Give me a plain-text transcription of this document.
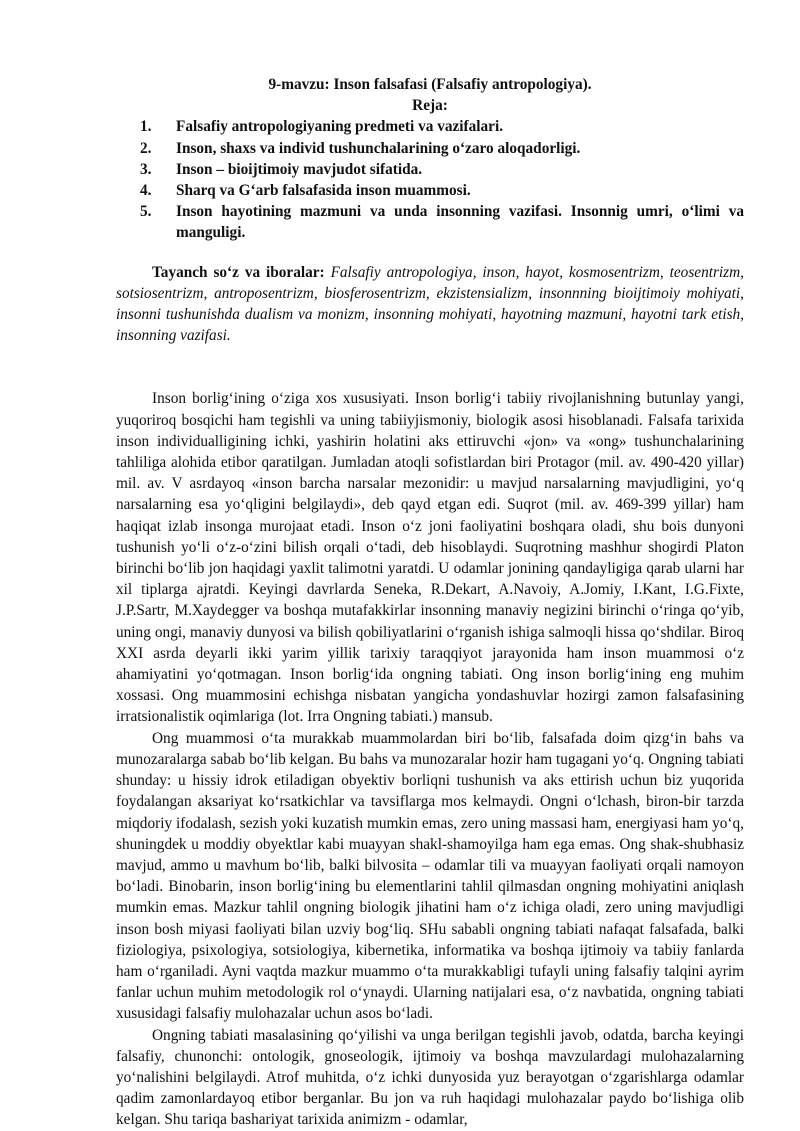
9-mavzu: Inson falsafasi (Falsafiy antropologiya).

Reja:

1.	Falsafiy antropologiyaning predmeti va vazifalari.
2.	Inson, shaxs va individ tushunchalarining o‘zaro aloqadorligi.
3.	Inson – bioijtimoiy mavjudot sifatida.
4.	Sharq va G‘arb falsafasida inson muammosi.
5.	Inson hayotining mazmuni va unda insonning vazifasi. Insonnig umri, o‘limi va manguligi.

Tayanch so‘z va iboralar: Falsafiy antropologiya, inson, hayot, kosmosentrizm, teosentrizm, sotsiosentrizm, antroposentrizm, biosferosentrizm, ekzistensializm, insonnning bioijtimoiy mohiyati, insonni tushunishda dualism va monizm, insonning mohiyati, hayotning mazmuni, hayotni tark etish, insonning vazifasi.

Inson borlig‘ining o‘ziga xos xususiyati. Inson borlig‘i tabiiy rivojlanishning butunlay yangi, yuqoriroq bosqichi ham tegishli va uning tabiiyjismoniy, biologik asosi hisoblanadi. Falsafa tarixida inson individualligining ichki, yashirin holatini aks ettiruvchi «jon» va «ong» tushunchalarining tahliliga alohida etibor qaratilgan. Jumladan atoqli sofistlardan biri Protagor (mil. av. 490-420 yillar) mil. av. V asrdayoq «inson barcha narsalar mezonidir: u mavjud narsalarning mavjudligini, yo‘q narsalarning esa yo‘qligini belgilaydi», deb qayd etgan edi. Suqrot (mil. av. 469-399 yillar) ham haqiqat izlab insonga murojaat etadi. Inson o‘z joni faoliyatini boshqara oladi, shu bois dunyoni tushunish yo‘li o‘z-o‘zini bilish orqali o‘tadi, deb hisoblaydi. Suqrotning mashhur shogirdi Platon birinchi bo‘lib jon haqidagi yaxlit talimotni yaratdi. U odamlar jonining qandayligiga qarab ularni har xil tiplarga ajratdi. Keyingi davrlarda Seneka, R.Dekart, A.Navoiy, A.Jomiy, I.Kant, I.G.Fixte, J.P.Sartr, M.Xaydegger va boshqa mutafakkirlar insonning manaviy negizini birinchi o‘ringa qo‘yib, uning ongi, manaviy dunyosi va bilish qobiliyatlarini o‘rganish ishiga salmoqli hissa qo‘shdilar. Biroq XXI asrda deyarli ikki yarim yillik tarixiy taraqqiyot jarayonida ham inson muammosi o‘z ahamiyatini yo‘qotmagan. Inson borlig‘ida ongning tabiati. Ong inson borlig‘ining eng muhim xossasi. Ong muammosini echishga nisbatan yangicha yondashuvlar hozirgi zamon falsafasining irratsionalistik oqimlariga (lot. Irra Ongning tabiati.) mansub.

Ong muammosi o‘ta murakkab muammolardan biri bo‘lib, falsafada doim qizg‘in bahs va munozaralarga sabab bo‘lib kelgan. Bu bahs va munozaralar hozir ham tugagani yo‘q. Ongning tabiati shunday: u hissiy idrok etiladigan obyektiv borliqni tushunish va aks ettirish uchun biz yuqorida foydalangan aksariyat ko‘rsatkichlar va tavsiflarga mos kelmaydi. Ongni o‘lchash, biron-bir tarzda miqdoriy ifodalash, sezish yoki kuzatish mumkin emas, zero uning massasi ham, energiyasi ham yo‘q, shuningdek u moddiy obyektlar kabi muayyan shakl-shamoyilga ham ega emas. Ong shak-shubhasiz mavjud, ammo u mavhum bo‘lib, balki bilvosita – odamlar tili va muayyan faoliyati orqali namoyon bo‘ladi. Binobarin, inson borlig‘ining bu elementlarini tahlil qilmasdan ongning mohiyatini aniqlash mumkin emas. Mazkur tahlil ongning biologik jihatini ham o‘z ichiga oladi, zero uning mavjudligi inson bosh miyasi faoliyati bilan uzviy bog‘liq. SHu sababli ongning tabiati nafaqat falsafada, balki fiziologiya, psixologiya, sotsiologiya, kibernetika, informatika va boshqa ijtimoiy va tabiiy fanlarda ham o‘rganiladi. Ayni vaqtda mazkur muammo o‘ta murakkabligi tufayli uning falsafiy talqini ayrim fanlar uchun muhim metodologik rol o‘ynaydi. Ularning natijalari esa, o‘z navbatida, ongning tabiati xususidagi falsafiy mulohazalar uchun asos bo‘ladi.

Ongning tabiati masalasining qo‘yilishi va unga berilgan tegishli javob, odatda, barcha keyingi falsafiy, chunonchi: ontologik, gnoseologik, ijtimoiy va boshqa mavzulardagi mulohazalarning yo‘nalishini belgilaydi. Atrof muhitda, o‘z ichki dunyosida yuz berayotgan o‘zgarishlarga odamlar qadim zamonlardayoq etibor berganlar. Bu jon va ruh haqidagi mulohazalar paydo bo‘lishiga olib kelgan. Shu tariqa bashariyat tarixida animizm - odamlar,
